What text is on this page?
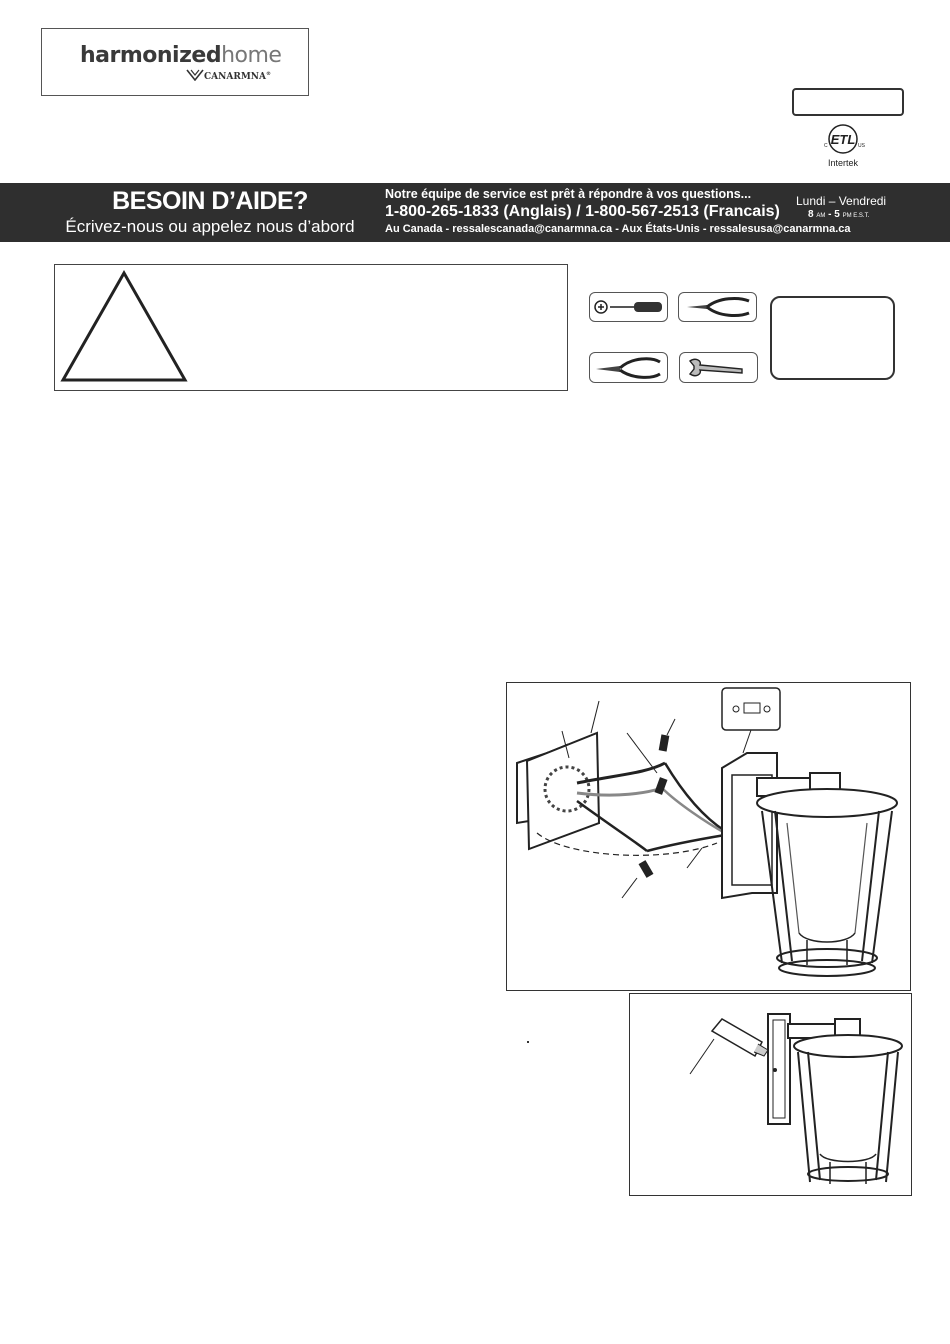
harmonizedhome
CANARMNA®
ETL
C	US
Intertek
BESOIN D’AIDE?
Écrivez-nous ou appelez nous d’abord
Notre équipe de service est prêt à répondre à vos questions...
1-800-265-1833 (Anglais) / 1-800-567-2513 (Francais)
Au Canada - ressalescanada@canarmna.ca - Aux États-Unis - ressalesusa@canarmna.ca
Lundi – Vendredi
8 AM - 5 PM E.S.T.
